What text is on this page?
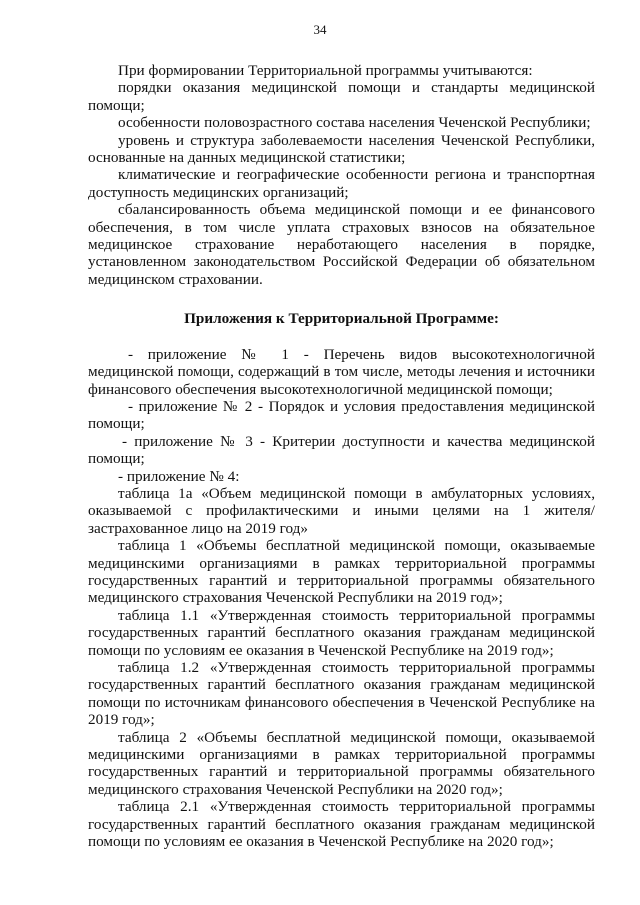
34

При формировании Территориальной программы учитываются:

порядки оказания медицинской помощи и стандарты медицинской помощи;

особенности половозрастного состава населения Чеченской Республики;

уровень и структура заболеваемости населения Чеченской Республики, основанные на данных медицинской статистики;

климатические и географические особенности региона и транспортная доступность медицинских организаций;

сбалансированность объема медицинской помощи и ее финансового обеспечения, в том числе уплата страховых взносов на обязательное медицинское страхование неработающего населения в порядке, установленном законодательством Российской Федерации об обязательном медицинском страховании.

Приложения к Территориальной Программе:

- приложение № 1 - Перечень видов высокотехнологичной медицинской помощи, содержащий в том числе, методы лечения и источники финансового обеспечения высокотехнологичной медицинской помощи;

- приложение № 2 - Порядок и условия предоставления медицинской помощи;

- приложение № 3 - Критерии доступности и качества медицинской помощи;

- приложение № 4:

таблица 1а «Объем медицинской помощи в амбулаторных условиях, оказываемой с профилактическими и иными целями на 1 жителя/застрахованное лицо на 2019 год»

таблица 1 «Объемы бесплатной медицинской помощи, оказываемые медицинскими организациями в рамках территориальной программы государственных гарантий и территориальной программы обязательного медицинского страхования Чеченской Республики на 2019 год»;

таблица 1.1 «Утвержденная стоимость территориальной программы государственных гарантий бесплатного оказания гражданам медицинской помощи по условиям ее оказания в Чеченской Республике на 2019 год»;

таблица 1.2 «Утвержденная стоимость территориальной программы государственных гарантий бесплатного оказания гражданам медицинской помощи по источникам финансового обеспечения в Чеченской Республике на 2019 год»;

таблица 2 «Объемы бесплатной медицинской помощи, оказываемой медицинскими организациями в рамках территориальной программы государственных гарантий и территориальной программы обязательного медицинского страхования Чеченской Республики на 2020 год»;

таблица 2.1 «Утвержденная стоимость территориальной программы государственных гарантий бесплатного оказания гражданам медицинской помощи по условиям ее оказания в Чеченской Республике на 2020 год»;
